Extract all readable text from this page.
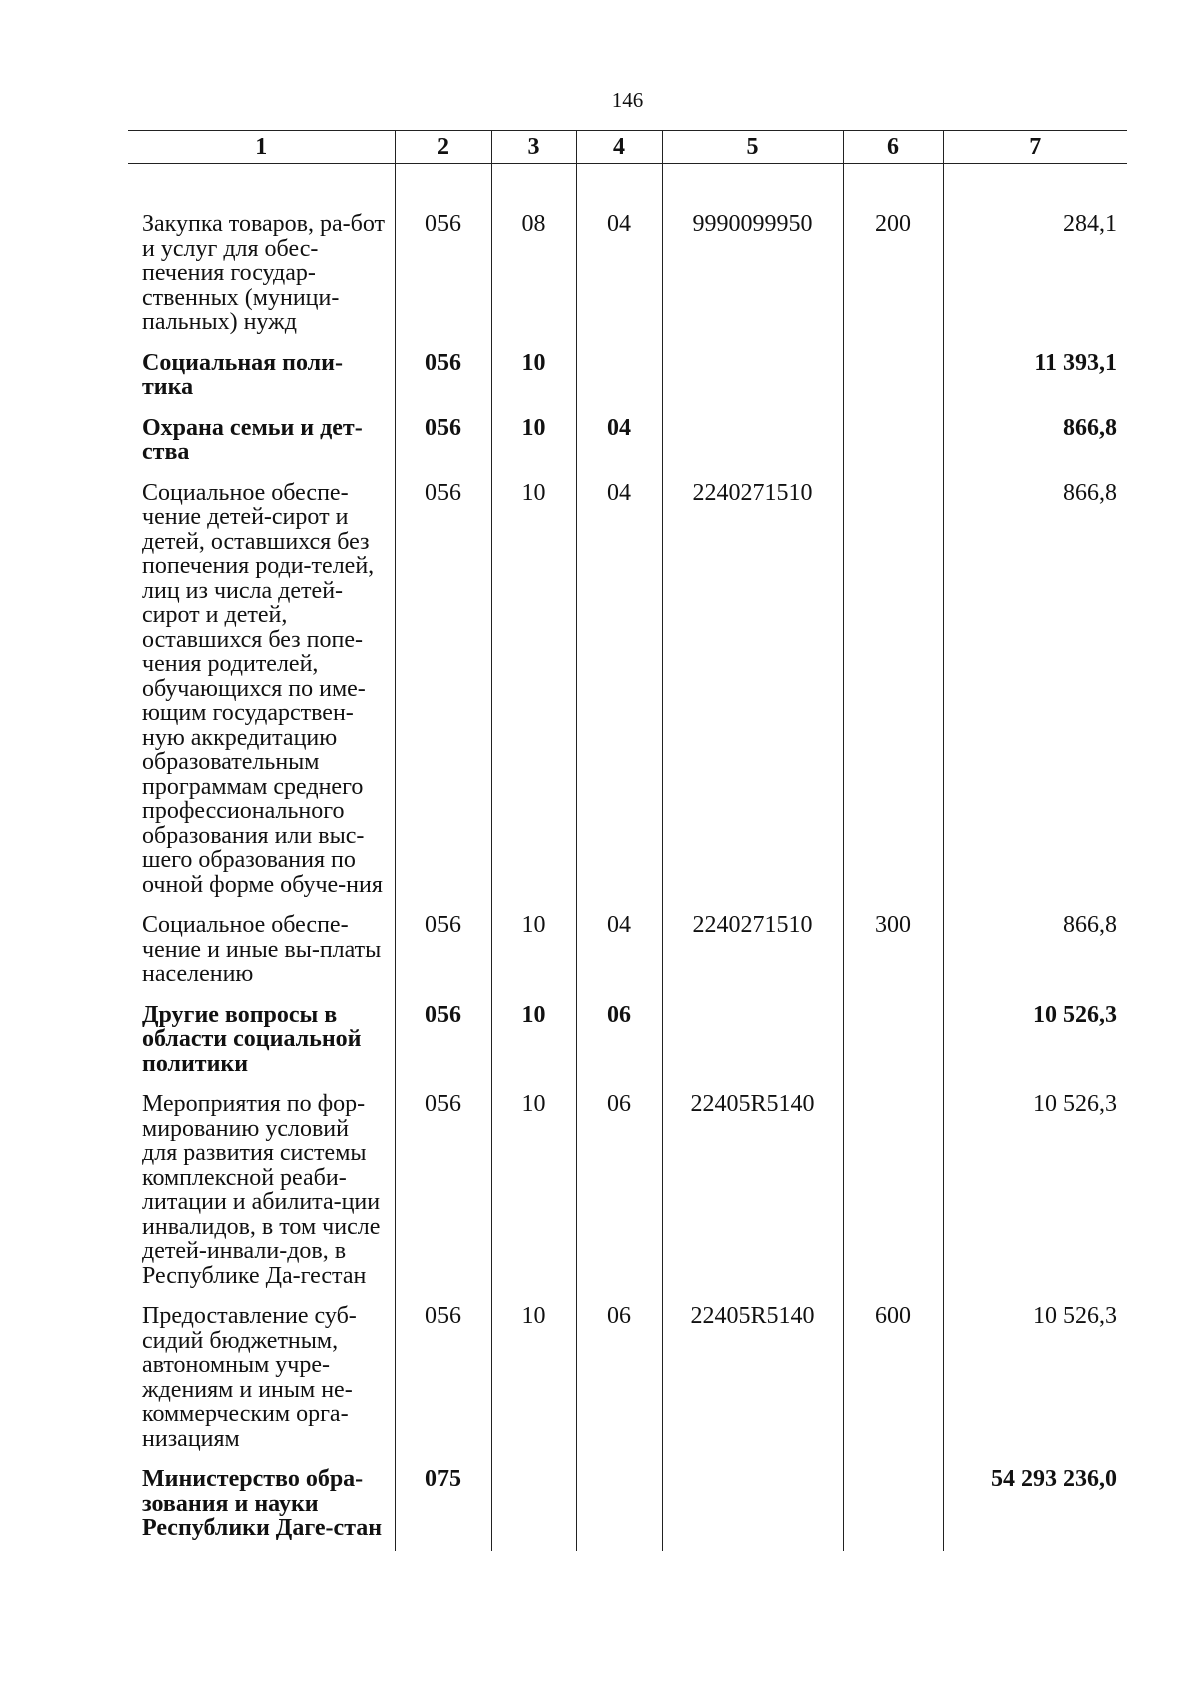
146
1	2	3	4	5	6	7
Закупка товаров, ра-бот и услуг для обес-печения государ-ственных (муници-пальных) нужд	056	08	04	9990099950	200	284,1
Социальная поли-тика	056	10				11 393,1
Охрана семьи и дет-ства	056	10	04			866,8
Социальное обеспе-чение детей-сирот и детей, оставшихся без попечения роди-телей, лиц из числа детей-сирот и детей, оставшихся без попе-чения родителей, обучающихся по име-ющим государствен-ную аккредитацию образовательным программам среднего профессионального образования или выс-шего образования по очной форме обуче-ния	056	10	04	2240271510		866,8
Социальное обеспе-чение и иные вы-платы населению	056	10	04	2240271510	300	866,8
Другие вопросы в области социальной политики	056	10	06			10 526,3
Мероприятия по фор-мированию условий для развития системы комплексной реаби-литации и абилита-ции инвалидов, в том числе детей-инвали-дов, в Республике Да-гестан	056	10	06	22405R5140		10 526,3
Предоставление суб-сидий бюджетным, автономным учре-ждениям и иным не-коммерческим орга-низациям	056	10	06	22405R5140	600	10 526,3
Министерство обра-зования и науки Республики Даге-стан	075					54 293 236,0
